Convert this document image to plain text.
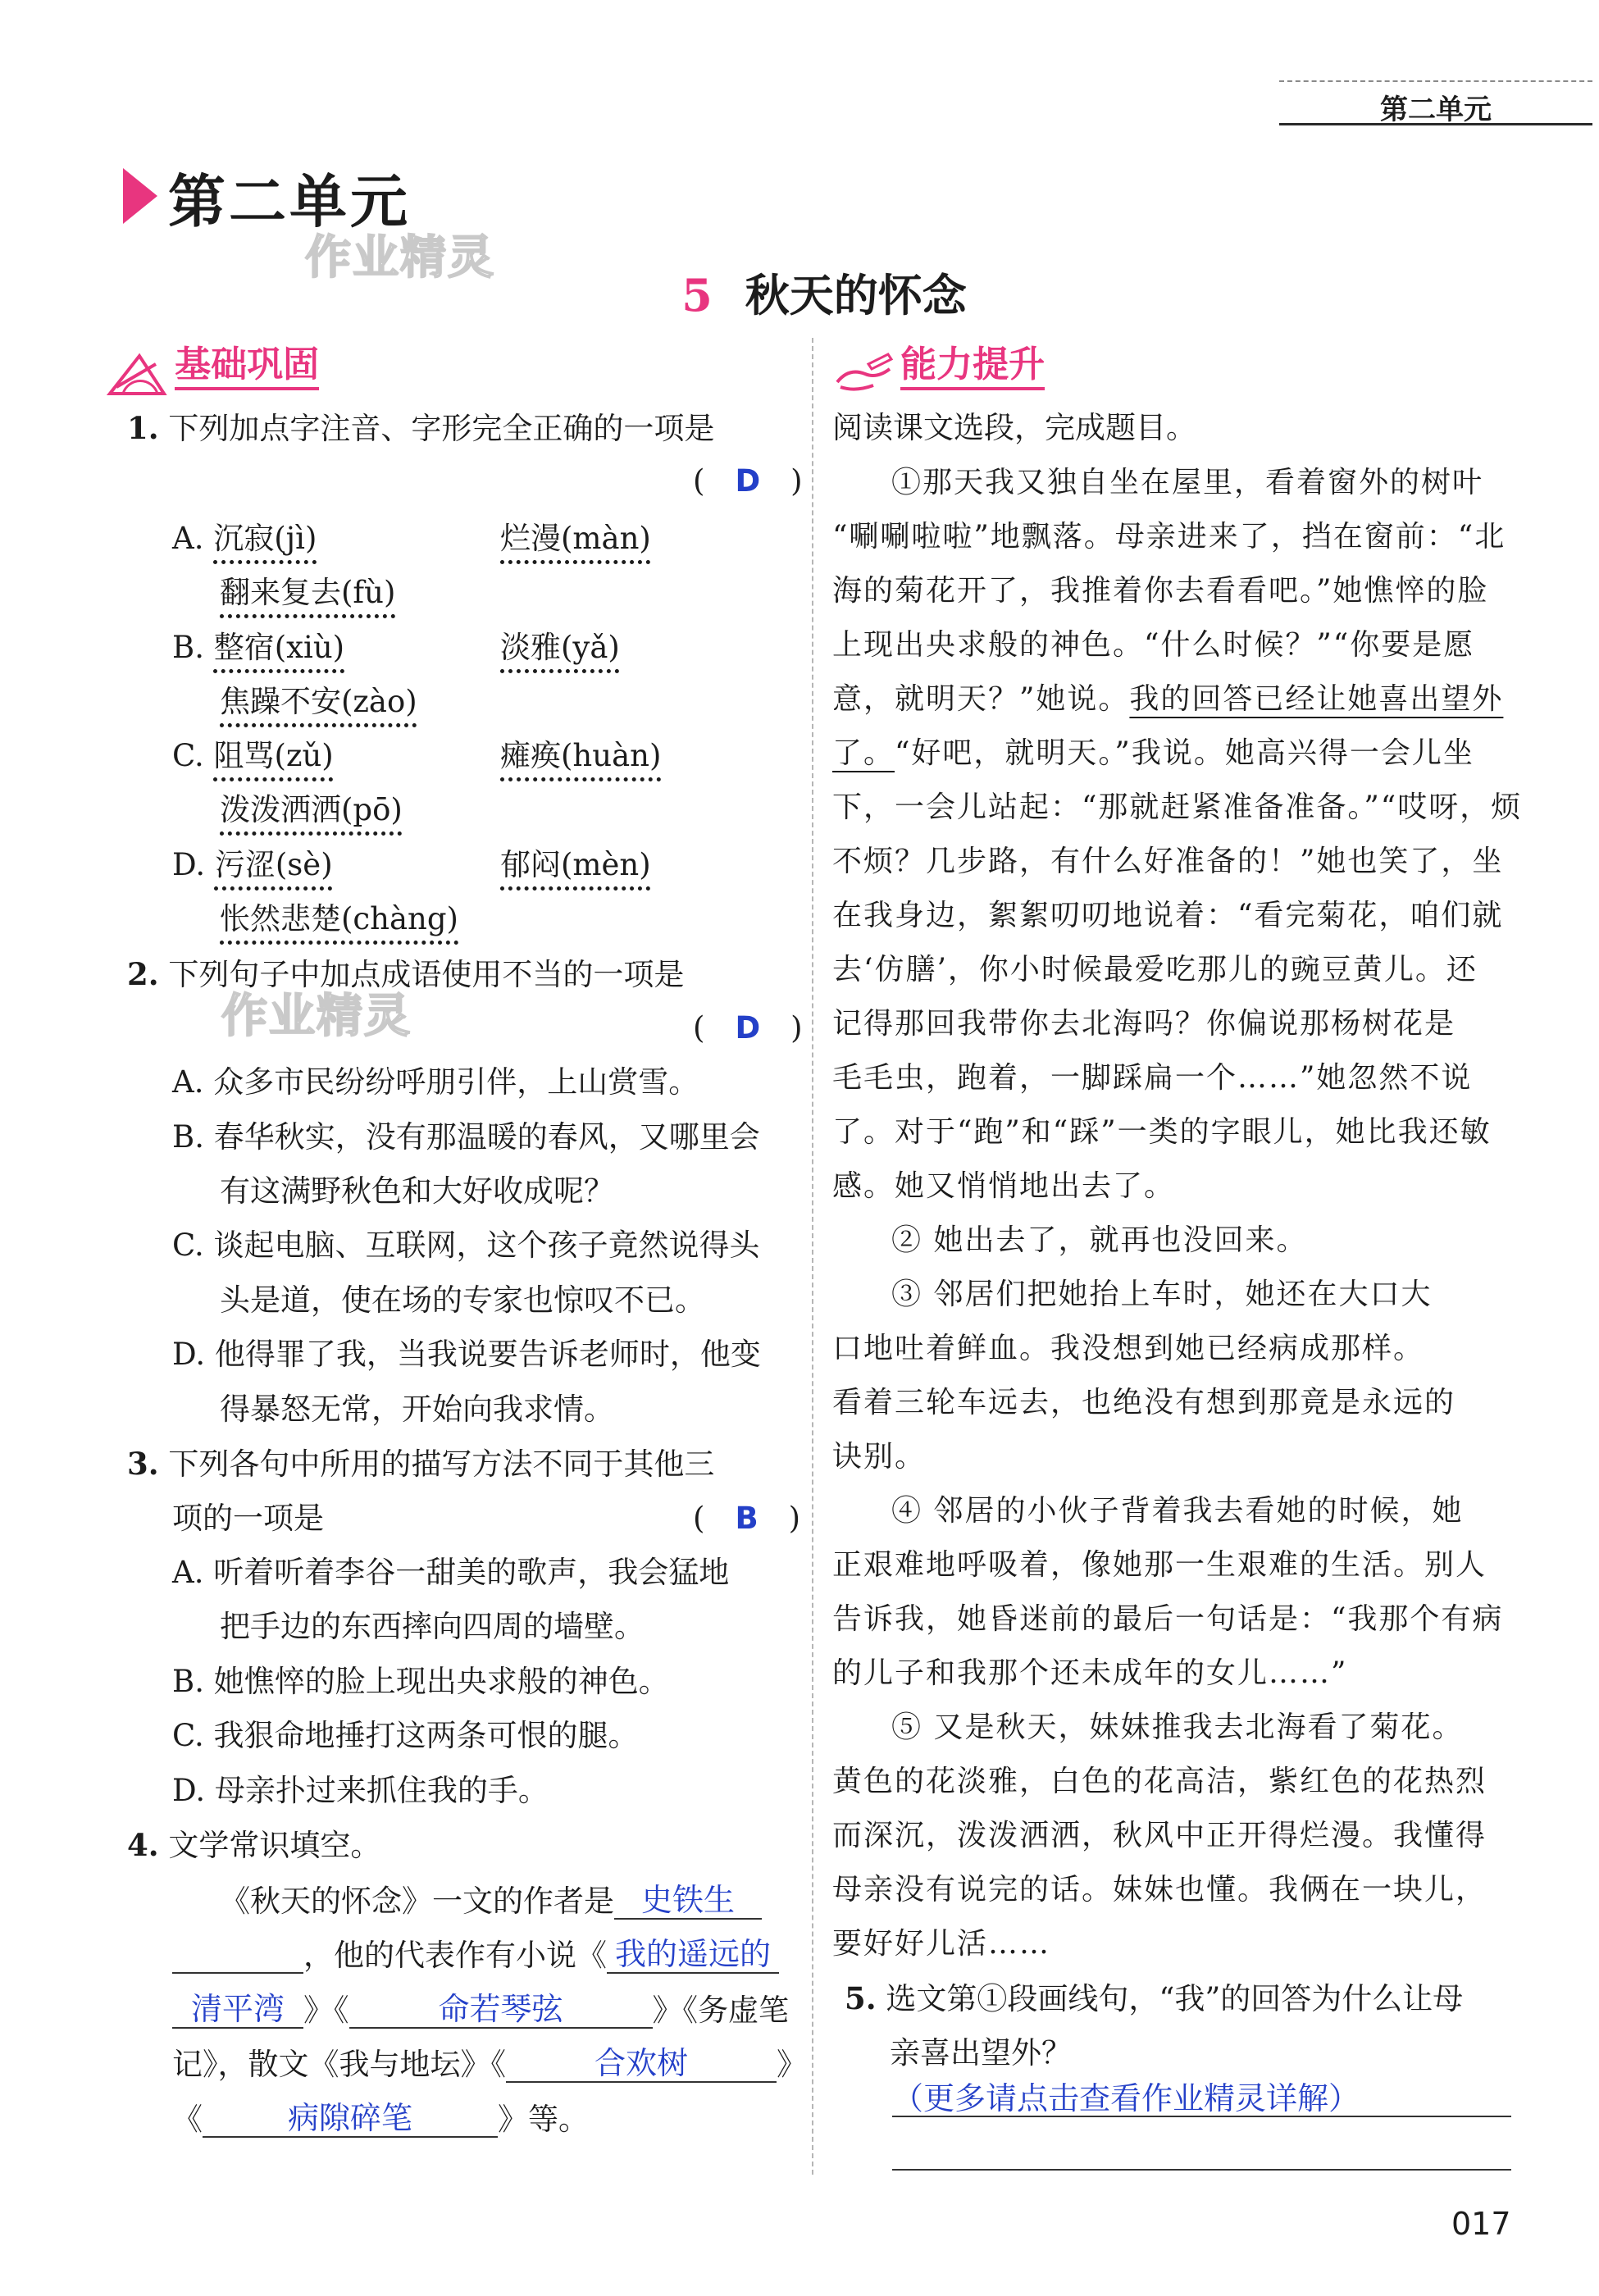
第二单元
第二单元
作业精灵
5 秋天的怀念
基础巩固	能力提升
1. 下列加点字注音、字形完全正确的一项是
(　D　)
A. 沉寂(jì)	烂漫(màn)
翻来复去(fù)
B. 整宿(xiù)	淡雅(yǎ)
焦躁不安(zào)
C. 阻骂(zǔ)	瘫痪(huàn)
泼泼洒洒(pō)
D. 污涩(sè)	郁闷(mèn)
怅然悲楚(chàng)
2. 下列句子中加点成语使用不当的一项是
作业精灵	(　D　)
A. 众多市民纷纷呼朋引伴，上山赏雪。
B. 春华秋实，没有那温暖的春风，又哪里会
有这满野秋色和大好收成呢？
C. 谈起电脑、互联网，这个孩子竟然说得头
头是道，使在场的专家也惊叹不已。
D. 他得罪了我，当我说要告诉老师时，他变
得暴怒无常，开始向我求情。
3. 下列各句中所用的描写方法不同于其他三
项的一项是	(　B　)
A. 听着听着李谷一甜美的歌声，我会猛地
把手边的东西摔向四周的墙壁。
B. 她憔悴的脸上现出央求般的神色。
C. 我狠命地捶打这两条可恨的腿。
D. 母亲扑过来抓住我的手。
4. 文学常识填空。
《秋天的怀念》一文的作者是 史铁生
，他的代表作有小说《 我的遥远的
清平湾 》《	命若琴弦	》《务虚笔
记》，散文《我与地坛》《	合欢树	》
《	病隙碎笔	》等。
阅读课文选段，完成题目。
①那天我又独自坐在屋里，看着窗外的树叶
“唰唰啦啦”地飘落。母亲进来了，挡在窗前：“北
海的菊花开了，我推着你去看看吧。”她憔悴的脸
上现出央求般的神色。“什么时候？”“你要是愿
意，就明天？”她说。我的回答已经让她喜出望外
了。“好吧，就明天。”我说。她高兴得一会儿坐
下，一会儿站起：“那就赶紧准备准备。”“哎呀，烦
不烦？几步路，有什么好准备的！”她也笑了，坐
在我身边，絮絮叨叨地说着：“看完菊花，咱们就
去‘仿膳’，你小时候最爱吃那儿的豌豆黄儿。还
记得那回我带你去北海吗？你偏说那杨树花是
毛毛虫，跑着，一脚踩扁一个……”她忽然不说
了。对于“跑”和“踩”一类的字眼儿，她比我还敏
感。她又悄悄地出去了。
② 她出去了，就再也没回来。
③ 邻居们把她抬上车时，她还在大口大
口地吐着鲜血。我没想到她已经病成那样。
看着三轮车远去，也绝没有想到那竟是永远的
诀别。
④ 邻居的小伙子背着我去看她的时候，她
正艰难地呼吸着，像她那一生艰难的生活。别人
告诉我，她昏迷前的最后一句话是：“我那个有病
的儿子和我那个还未成年的女儿……”
⑤ 又是秋天，妹妹推我去北海看了菊花。
黄色的花淡雅，白色的花高洁，紫红色的花热烈
而深沉，泼泼洒洒，秋风中正开得烂漫。我懂得
母亲没有说完的话。妹妹也懂。我俩在一块儿，
要好好儿活……
5. 选文第①段画线句，“我”的回答为什么让母
亲喜出望外？
（更多请点击查看作业精灵详解）
017
